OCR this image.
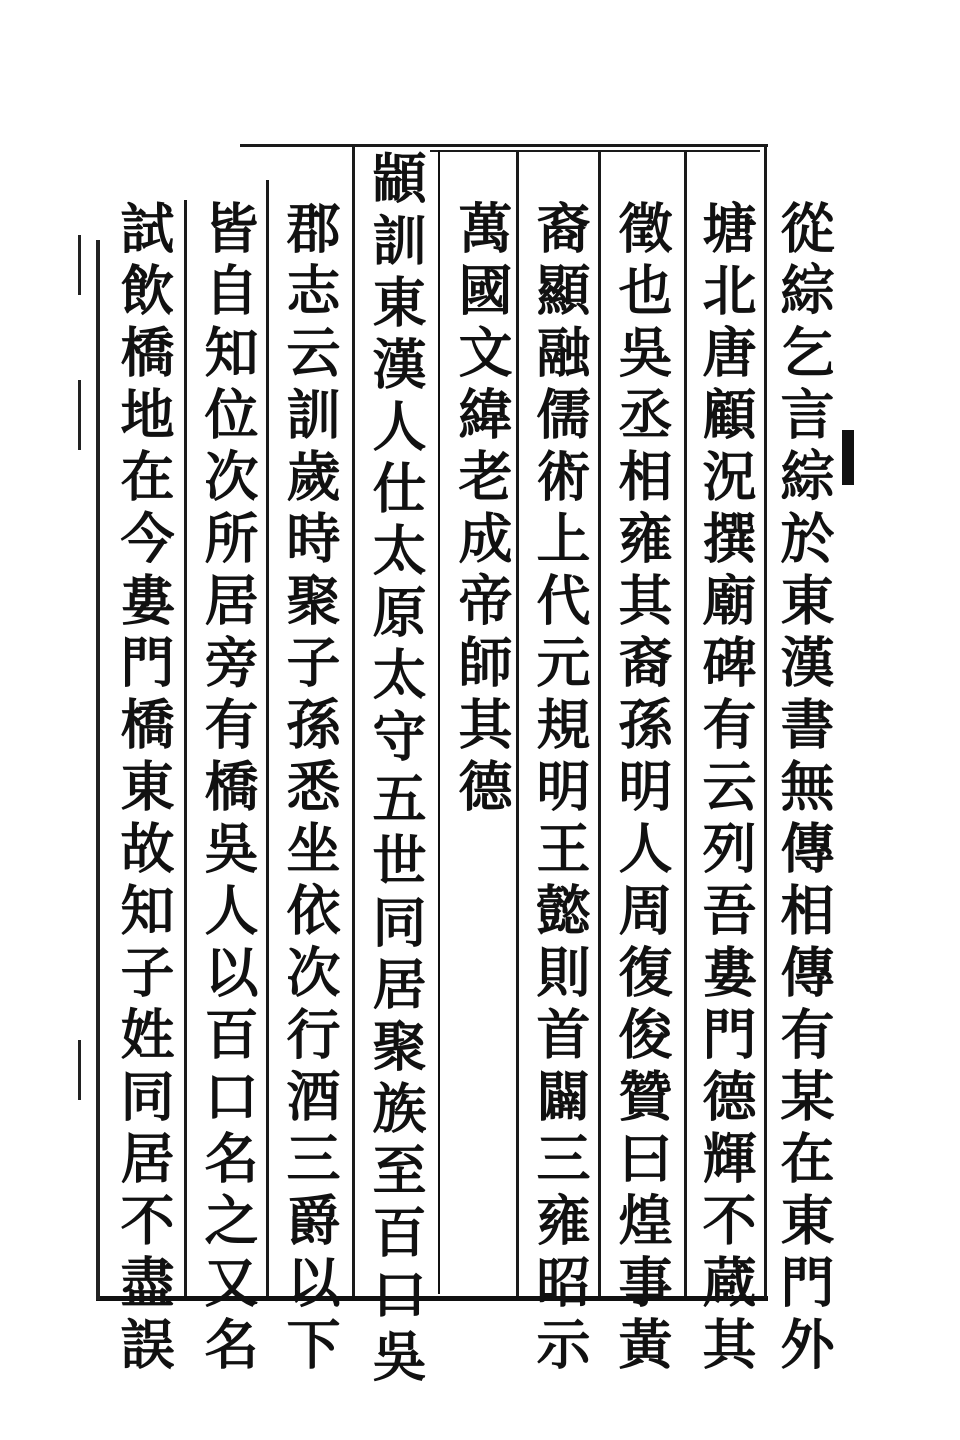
從綜乞言綜於東漢書無傳相傳有某在東門外
塘北唐顧況撰廟碑有云列吾婁門德輝不蔵其
徵也吳丞相雍其裔孫明人周復俊贊曰煌事黃
裔顯融儒術上代元規明王懿則首闢三雍昭示
萬國文緯老成帝師其德
顓訓東漢人仕太原太守五世同居聚族至百口吳
郡志云訓歲時聚子孫悉坐依次行酒三爵以下
皆自知位次所居旁有橋吳人以百口名之又名
試飲橋地在今婁門橋東故知子姓同居不盡誤
